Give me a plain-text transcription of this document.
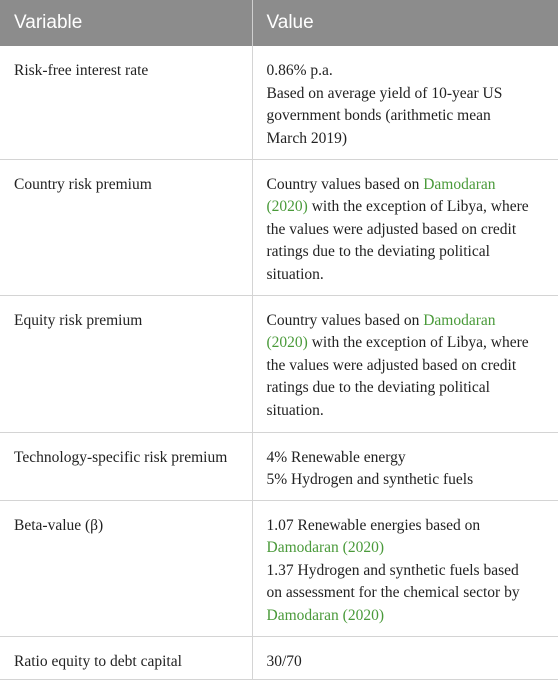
Variable	Value
Risk-free interest rate	0.86% p.a.
Based on average yield of 10-year US
government bonds (arithmetic mean
March 2019)

Country risk premium	Country values based on Damodaran
(2020) with the exception of Libya, where
the values were adjusted based on credit
ratings due to the deviating political
situation.

Equity risk premium	Country values based on Damodaran
(2020) with the exception of Libya, where
the values were adjusted based on credit
ratings due to the deviating political
situation.

Technology-specific risk premium	4% Renewable energy
5% Hydrogen and synthetic fuels

Beta-value (β)	1.07 Renewable energies based on
Damodaran (2020)
1.37 Hydrogen and synthetic fuels based
on assessment for the chemical sector by
Damodaran (2020)

Ratio equity to debt capital	30/70
